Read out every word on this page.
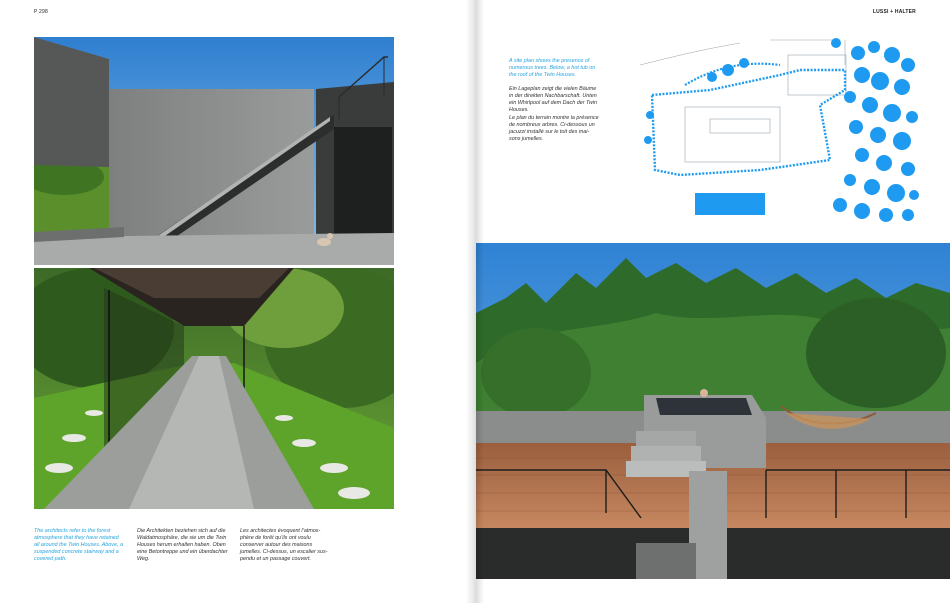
P 298	LUSSI + HALTER

The architects refer to the forest
atmosphere that they have retained
all around the Twin Houses. Above, a
suspended concrete stairway and a
covered path.

Die Architekten beziehen sich auf die
Waldatmosphäre, die sie um die Twin
Houses herum erhalten haben. Oben
eine Betontreppe und ein überdachter
Weg.

Les architectes évoquent l’atmos-
phère de forêt qu’ils ont voulu
conserver autour des maisons
jumelles. Ci-dessus, un escalier sus-
pendu et un passage couvert.

A site plan shows the presence of
numerous trees. Below, a hot tub on
the roof of the Twin Houses.

Ein Lageplan zeigt die vielen Bäume
in der direkten Nachbarschaft. Unten
ein Whirlpool auf dem Dach der Twin
Houses.

Le plan du terrain montre la présence
de nombreux arbres. Ci-dessous un
jacuzzi installé sur le toit des mai-
sons jumelles.
